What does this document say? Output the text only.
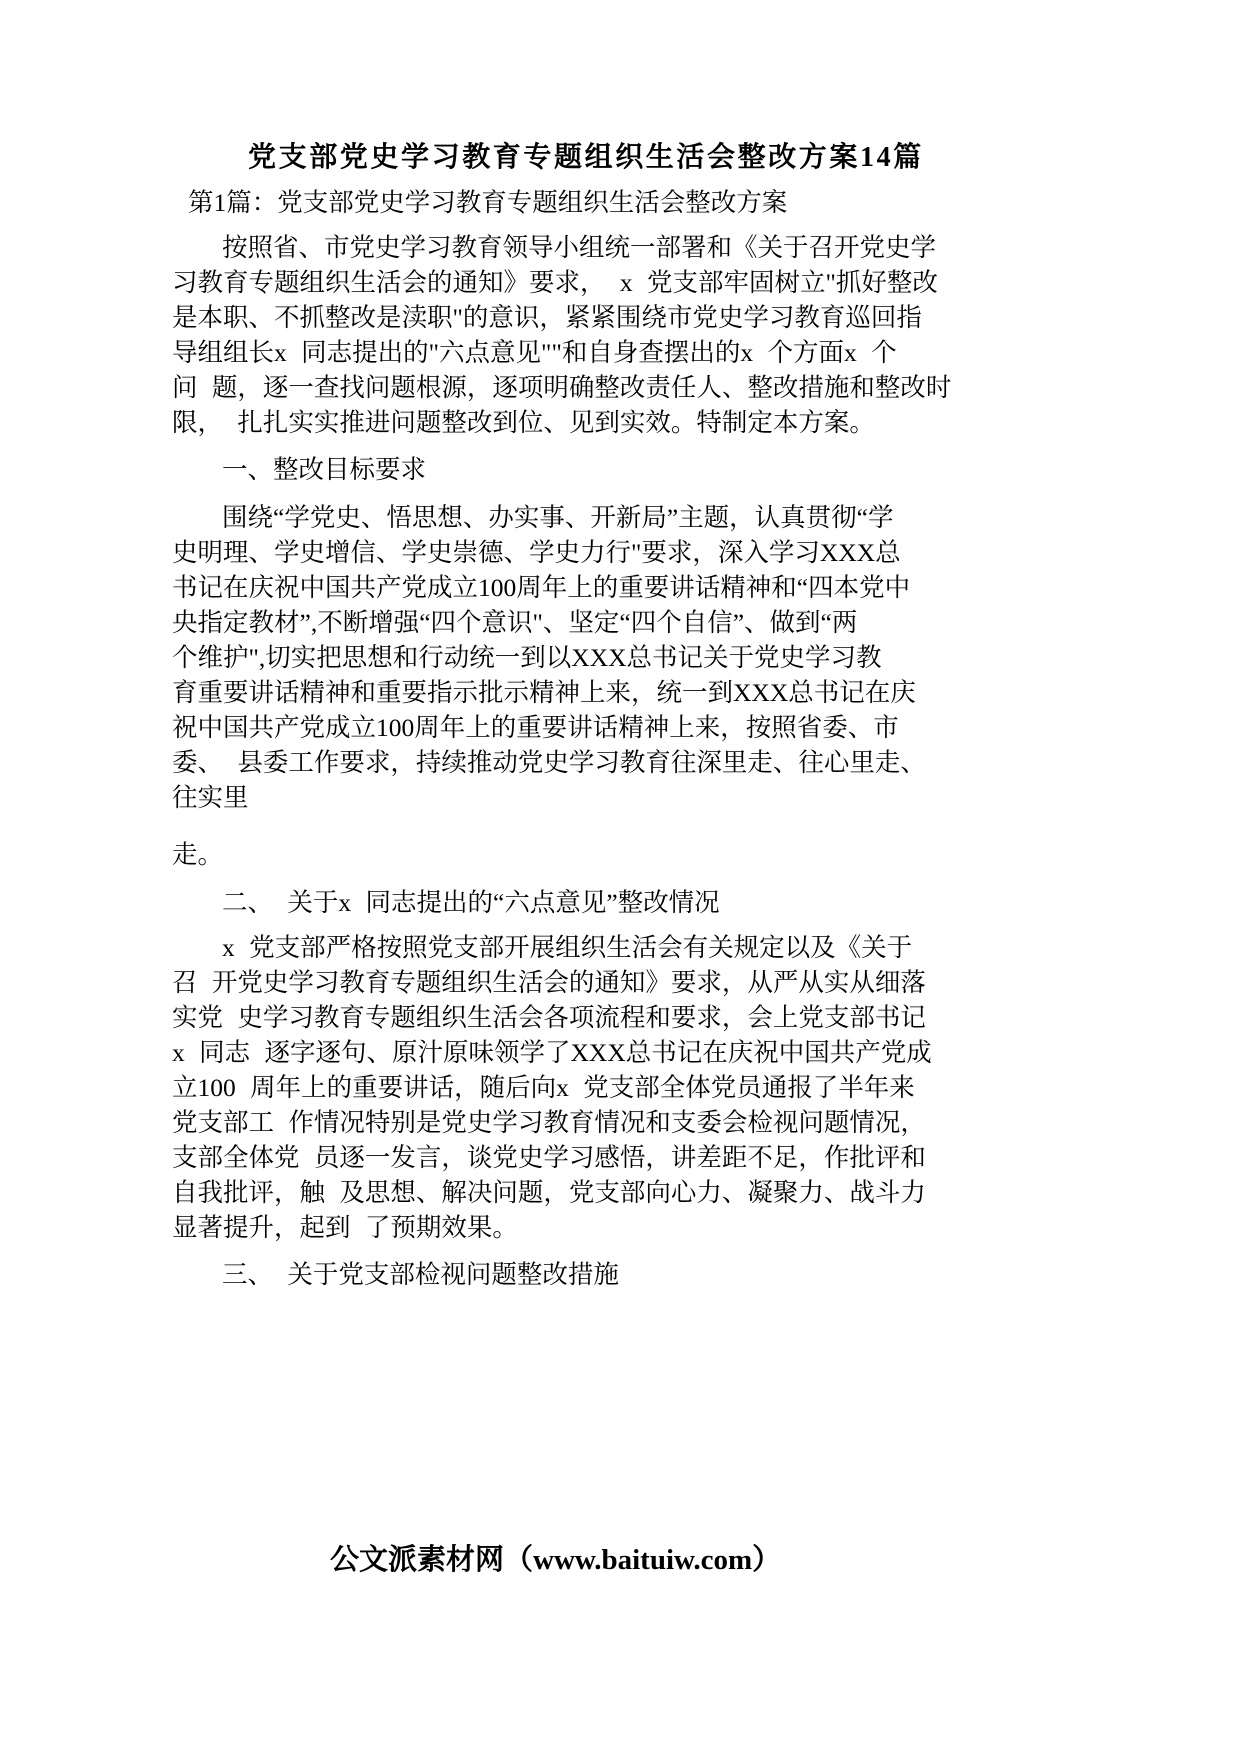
党支部党史学习教育专题组织生活会整改方案14篇
第1篇：党支部党史学习教育专题组织生活会整改方案
按照省、市党史学习教育领导小组统一部署和《关于召开党史学
习教育专题组织生活会的通知》要求， x 党支部牢固树立"抓好整改
是本职、不抓整改是渎职"的意识，紧紧围绕市党史学习教育巡回指
导组组长x 同志提出的"六点意见""和自身查摆出的x 个方面x 个
问 题，逐一查找问题根源，逐项明确整改责任人、整改措施和整改时
限， 扎扎实实推进问题整改到位、见到实效。特制定本方案。
一、整改目标要求
围绕“学党史、悟思想、办实事、开新局”主题，认真贯彻“学
史明理、学史增信、学史崇德、学史力行"要求，深入学习XXX总
书记在庆祝中国共产党成立100周年上的重要讲话精神和“四本党中
央指定教材”,不断增强“四个意识"、坚定“四个自信”、做到“两
个维护",切实把思想和行动统一到以XXX总书记关于党史学习教
育重要讲话精神和重要指示批示精神上来，统一到XXX总书记在庆
祝中国共产党成立100周年上的重要讲话精神上来，按照省委、市
委、 县委工作要求，持续推动党史学习教育往深里走、往心里走、
往实里
走。
二、 关于x 同志提出的“六点意见”整改情况
x 党支部严格按照党支部开展组织生活会有关规定以及《关于
召 开党史学习教育专题组织生活会的通知》要求，从严从实从细落
实党 史学习教育专题组织生活会各项流程和要求，会上党支部书记
x 同志 逐字逐句、原汁原味领学了XXX总书记在庆祝中国共产党成
立100 周年上的重要讲话，随后向x 党支部全体党员通报了半年来
党支部工 作情况特别是党史学习教育情况和支委会检视问题情况，
支部全体党 员逐一发言，谈党史学习感悟，讲差距不足，作批评和
自我批评，触 及思想、解决问题，党支部向心力、凝聚力、战斗力
显著提升，起到 了预期效果。
三、 关于党支部检视问题整改措施
公文派素材网（www.baituiw.com）
